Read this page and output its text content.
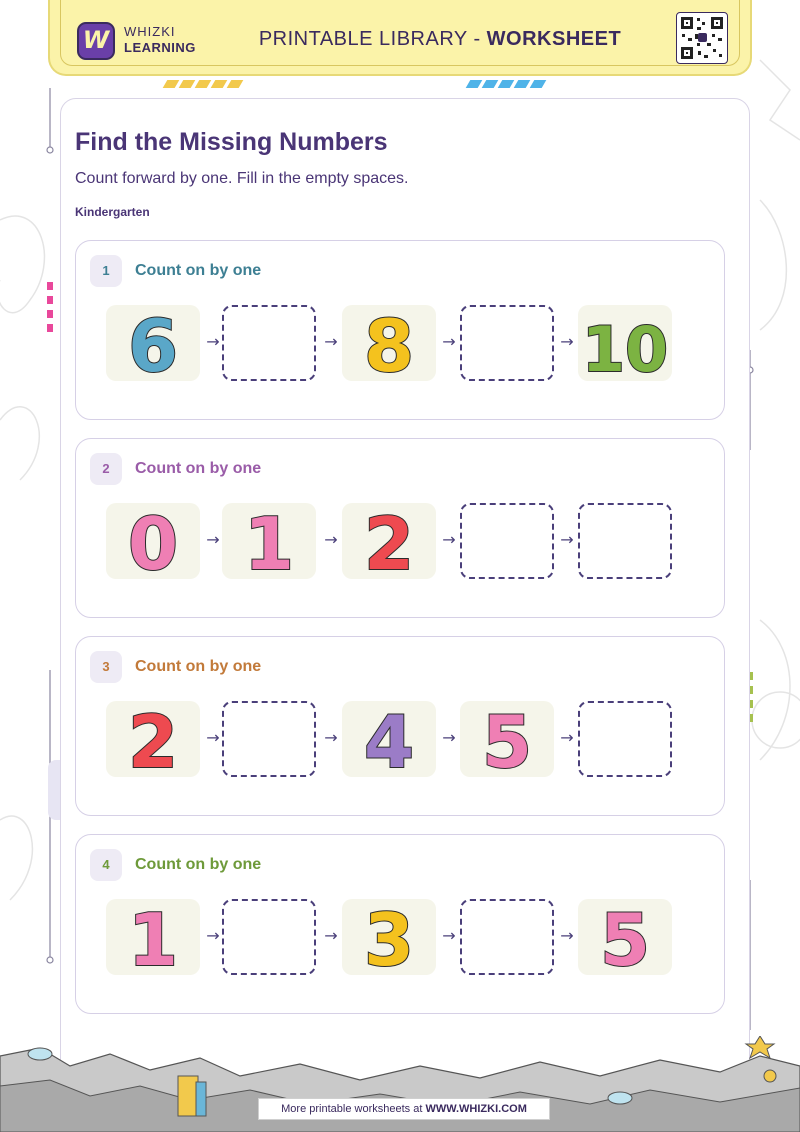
W	WHIZKI
LEARNING	PRINTABLE LIBRARY - WORKSHEET
Find the Missing Numbers
Count forward by one. Fill in the empty spaces.
Kindergarten
1	Count on by one
6	8	10
→	→	→	→
2	Count on by one
0 1 2
→	→	→	→
3	Count on by one
2	4 5
→	→	→	→
4	Count on by one
1	3	5
→	→	→	→
More printable worksheets at WWW.WHIZKI.COM
